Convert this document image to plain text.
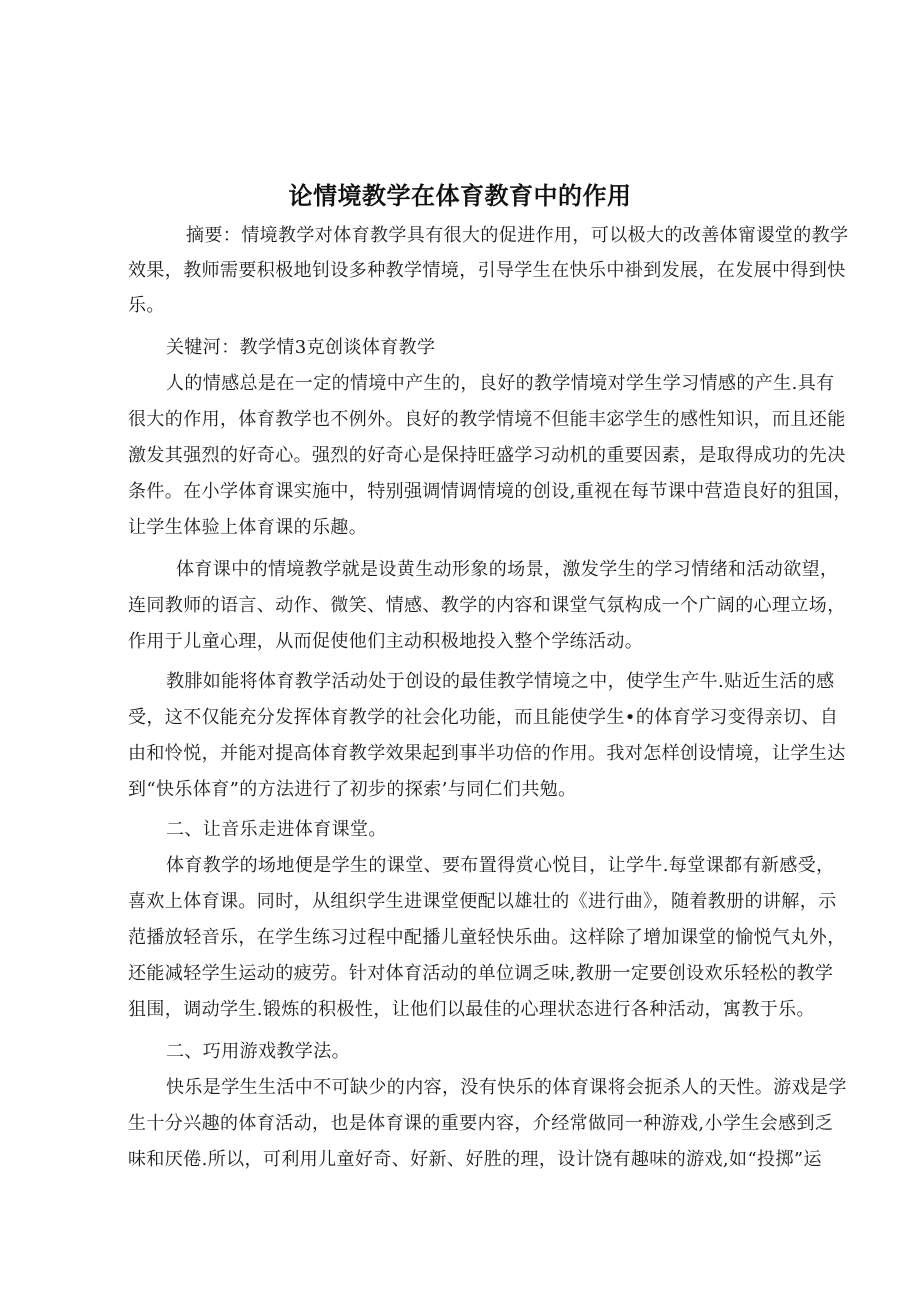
论情境教学在体育教育中的作用
摘要：情境教学对体育教学具有很大的促进作用，可以极大的改善体甯谡堂的教学
效果，教师需要积极地钊设多种教学情境，引导学生在快乐中褂到发展，在发展中得到快
乐。
关犍河：教学情3克创谈体育教学
人的情感总是在一定的情境中产生的，良好的教学情境对学生学习情感的产生.具有
很大的作用，体育教学也不例外。良好的教学情境不但能丰宓学生的感性知识，而且还能
激发其强烈的好奇心。强烈的好奇心是保持旺盛学习动机的重要因素，是取得成功的先决
条件。在小学体育课实施中，特别强调情调情境的创设,重视在每节课中营造良好的狙国，
让学生体验上体育课的乐趣。
体育课中的情境教学就是设黄生动形象的场景，激发学生的学习情绪和活动欲望，
连同教师的语言、动作、微笑、情感、教学的内容和课堂气氛构成一个广阔的心理立场，
作用于儿童心理，从而促使他们主动积极地投入整个学练活动。
教腓如能将体育教学活动处于创设的最佳教学情境之中，使学生产牛.贴近生活的感
受，这不仅能充分发挥体育教学的社会化功能，而且能使学生•的体育学习变得亲切、自
由和怜悦，并能对提高体育教学效果起到事半功倍的作用。我对怎样创设情境，让学生达
到“快乐体育”的方法进行了初步的探索’与同仁们共勉。
二、让音乐走进体育课堂。
体育教学的场地便是学生的课堂、要布置得赏心悦目，让学牛.每堂课都有新感受，
喜欢上体育课。同时，从组织学生进课堂便配以雄壮的《进行曲》，随着教册的讲解，示
范播放轻音乐，在学生练习过程中配播儿童轻快乐曲。这样除了增加课堂的愉悦气丸外，
还能减轻学生运动的疲劳。针对体育活动的单位调乏味,教册一定要创设欢乐轻松的教学
狙围，调动学生.锻炼的积极性，让他们以最佳的心理状态进行各种活动，寓教于乐。
二、巧用游戏教学法。
快乐是学生生活中不可缺少的内容，没有快乐的体育课将会扼杀人的天性。游戏是学
生十分兴趣的体育活动，也是体育课的重要内容，介经常做同一种游戏,小学生会感到乏
味和厌倦.所以，可利用儿童好奇、好新、好胜的理，设计饶有趣味的游戏,如“投掷”运
